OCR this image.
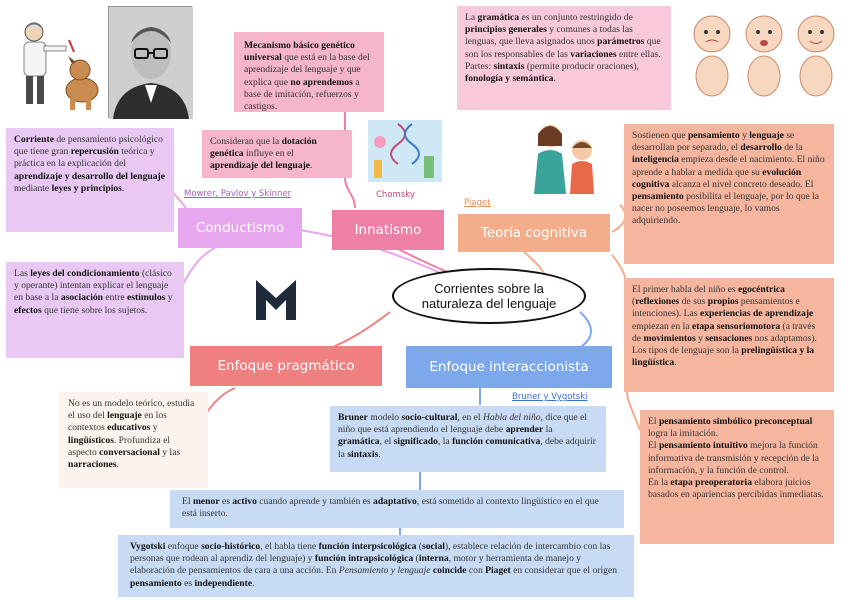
Corriente de pensamiento psicológico que tiene gran repercusión teórica y práctica en la explicación del aprendizaje y desarrollo del lenguaje mediante leyes y principios.
Las leyes del condicionamiento (clásico y operante) intentan explicar el lenguaje en base a la asociación entre estímulos y efectos que tiene sobre los sujetos.
Mecanismo básico genético universal que está en la base del aprendizaje del lenguaje y que explica que no aprendemos a base de imitación, refuerzos y castigos.
La gramática es un conjunto restringido de principios generales y comunes a todas las lenguas, que lleva asignados unos parámetros que son los responsables de las variaciones entre ellas. Partes: sintaxis (permite producir oraciones), fonología y semántica.
Consideran que la dotación genética influye en el aprendizaje del lenguaje.
Sostienen que pensamiento y lenguaje se desarrollan por separado, el desarrollo de la inteligencia empieza desde el nacimiento. El niño aprende a hablar a medida que su evolución cognitiva alcanza el nivel concreto deseado. El pensamiento posibilita el lenguaje, por lo que la nacer no poseemos lenguaje, lo vamos adquiriendo.
Mowrer, Pavlov y Skinner	Chomsky
Piaget
Bruner y Vygotski
Conductismo	Innatismo	Teoría cognitiva
Enfoque pragmático	Enfoque interaccionista
Corrientes sobre la
naturaleza del lenguaje
El primer habla del niño es egocéntrica (reflexiones de sus propios pensamientos e intenciones). Las experiencias de aprendizaje empiezan en la etapa sensoriomotora (a través de movimientos y sensaciones nos adaptamos). Los tipos de lenguaje son la prelingüística y la lingüística.
El pensamiento simbólico preconceptual logra la imitación.
El pensamiento intuitivo mejora la función informativa de transmisión y recepción de la información, y la función de control.
En la etapa preoperatoria elabora juicios basados en apariencias percibidas inmediatas.
No es un modelo teórico, estudia el uso del lenguaje en los contextos educativos y lingüísticos. Profundiza el aspecto conversacional y las narraciones.
Bruner modelo socio-cultural, en el Habla del niño, dice que el niño que está aprendiendo el lenguaje debe aprender la gramática, el significado, la función comunicativa, debe adquirir la sintaxis.
El menor es activo cuando aprende y también es adaptativo, está sometido al contexto lingüístico en el que está inserto.
Vygotski enfoque socio-histórico, el habla tiene función interpsicológica (social), establece relación de intercambio con las personas que rodean al aprendiz del lenguaje) y función intrapsicológica (interna, motor y herramienta de manejo y elaboración de pensamientos de cara a una acción. En Pensamiento y lenguaje coincide con Piaget en considerar que el origen pensamiento es independiente.
